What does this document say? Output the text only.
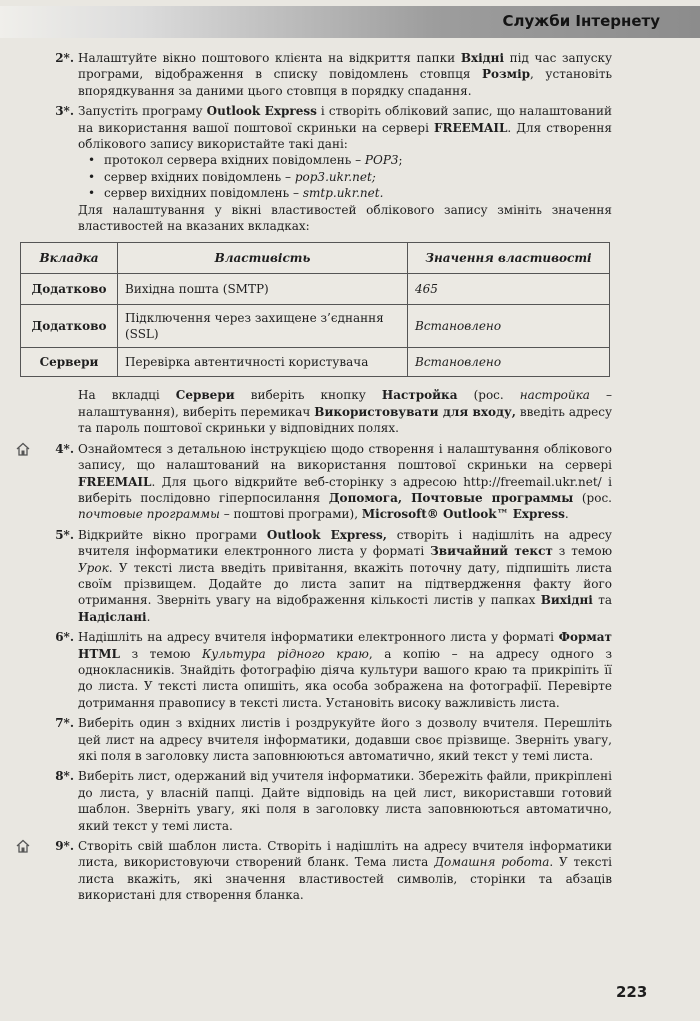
Служби Інтернету
2*. Налаштуйте вікно поштового клієнта на відкриття папки Вхідні під час запуску програми, відображення в списку повідомлень стовпця Розмір, установіть впорядкування за даними цього стовпця в порядку спадання.
3*. Запустіть програму Outlook Express і створіть обліковий запис, що налаштований на використання вашої поштової скриньки на сервері FREEMAIL. Для створення облікового запису використайте такі дані:
• протокол сервера вхідних повідомлень – POP3;
• сервер вхідних повідомлень – pop3.ukr.net;
• сервер вихідних повідомлень – smtp.ukr.net.
Для налаштування у вікні властивостей облікового запису змініть значення властивостей на вказаних вкладках:
Вкладка	Властивість	Значення властивості
Додатково	Вихідна пошта (SMTP)	465
Додатково	Підключення через захищене з’єднання (SSL)	Встановлено
Сервери	Перевірка автентичності користувача	Встановлено
На вкладці Сервери виберіть кнопку Настройка (рос. настройка – налаштування), виберіть перемикач Використовувати для входу, введіть адресу та пароль поштової скриньки у відповідних полях.
4*. Ознайомтеся з детальною інструкцією щодо створення і налаштування облікового запису, що налаштований на використання поштової скриньки на сервері FREEMAIL. Для цього відкрийте веб-сторінку з адресою http://freemail.ukr.net/ і виберіть послідовно гіперпосилання Допомога, Почтовые программы (рос. почтовые программы – поштові програми), Microsoft® Outlook™ Express.
5*. Відкрийте вікно програми Outlook Express, створіть і надішліть на адресу вчителя інформатики електронного листа у форматі Звичайний текст з темою Урок. У тексті листа введіть привітання, вкажіть поточну дату, підпишіть листа своїм прізвищем. Додайте до листа запит на підтвердження факту його отримання. Зверніть увагу на відображення кількості листів у папках Вихідні та Надіслані.
6*. Надішліть на адресу вчителя інформатики електронного листа у форматі Формат HTML з темою Культура рідного краю, а копію – на адресу одного з однокласників. Знайдіть фотографію діяча культури вашого краю та прикріпіть її до листа. У тексті листа опишіть, яка особа зображена на фотографії. Перевірте дотримання правопису в тексті листа. Установіть високу важливість листа.
7*. Виберіть один з вхідних листів і роздрукуйте його з дозволу вчителя. Перешліть цей лист на адресу вчителя інформатики, додавши своє прізвище. Зверніть увагу, які поля в заголовку листа заповнюються автоматично, який текст у темі листа.
8*. Виберіть лист, одержаний від учителя інформатики. Збережіть файли, прикріплені до листа, у власній папці. Дайте відповідь на цей лист, використавши готовий шаблон. Зверніть увагу, які поля в заголовку листа заповнюються автоматично, який текст у темі листа.
9*. Створіть свій шаблон листа. Створіть і надішліть на адресу вчителя інформатики листа, використовуючи створений бланк. Тема листа Домашня робота. У тексті листа вкажіть, які значення властивостей символів, сторінки та абзаців використані для створення бланка.
223
